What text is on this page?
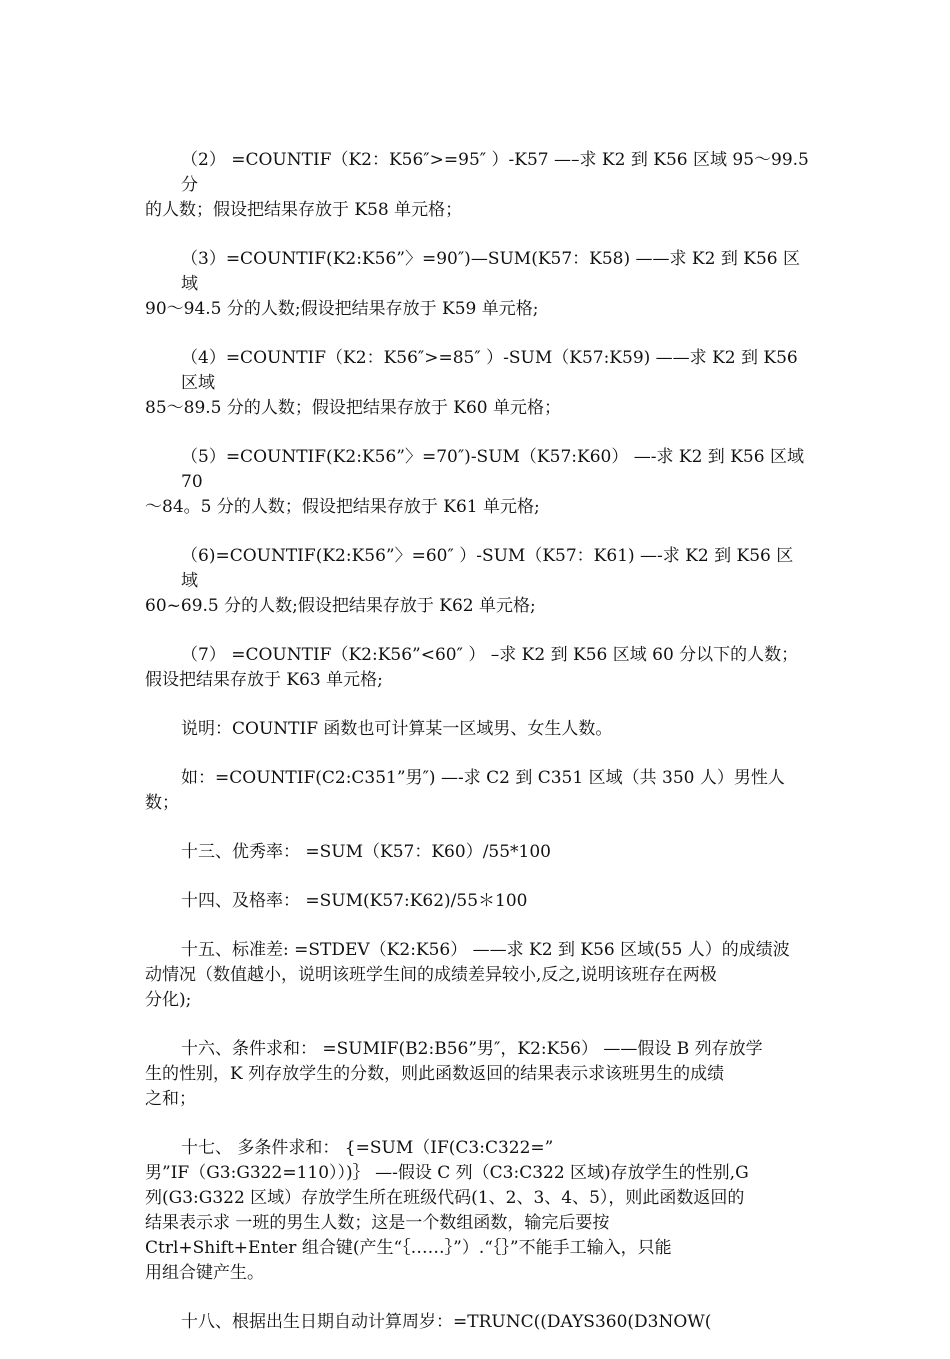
（2） =COUNTIF（K2：K56″>=95″ ）-K57 —–求 K2 到 K56 区域 95～99.5 分
的人数；假设把结果存放于 K58 单元格；
（3）=COUNTIF(K2:K56”〉=90″)—SUM(K57：K58) ——求 K2 到 K56 区域
90～94.5 分的人数;假设把结果存放于 K59 单元格;
（4）=COUNTIF（K2：K56″>=85″ ）-SUM（K57:K59) ——求 K2 到 K56 区域
85～89.5 分的人数；假设把结果存放于 K60 单元格；
（5）=COUNTIF(K2:K56”〉=70″)-SUM（K57:K60） —-求 K2 到 K56 区域 70
～84。5 分的人数；假设把结果存放于 K61 单元格;
（6)=COUNTIF(K2:K56”〉=60″ ）-SUM（K57：K61) —-求 K2 到 K56 区域
60~69.5 分的人数;假设把结果存放于 K62 单元格;
（7） =COUNTIF（K2:K56”<60″ ） –求 K2 到 K56 区域 60 分以下的人数；
假设把结果存放于 K63 单元格;
说明：COUNTIF 函数也可计算某一区域男、女生人数。
如：=COUNTIF(C2:C351”男″) —-求 C2 到 C351 区域（共 350 人）男性人
数；
十三、优秀率： =SUM（K57：K60）/55*100
十四、及格率： =SUM(K57:K62)/55＊100
十五、标准差: =STDEV（K2:K56） ——求 K2 到 K56 区域(55 人）的成绩波
动情况（数值越小，说明该班学生间的成绩差异较小,反之,说明该班存在两极
分化);
十六、条件求和： =SUMIF(B2:B56”男″，K2:K56） ——假设 B 列存放学
生的性别，K 列存放学生的分数，则此函数返回的结果表示求该班男生的成绩
之和；
十七、 多条件求和： {=SUM（IF(C3:C322=”
男”IF（G3:G322=110））)｝ —-假设 C 列（C3:C322 区域)存放学生的性别,G
列(G3:G322 区域）存放学生所在班级代码(1、2、3、4、5），则此函数返回的
结果表示求 一班的男生人数；这是一个数组函数，输完后要按
Ctrl+Shift+Enter 组合键(产生“｛……｝”）.“｛｝”不能手工输入，只能
用组合键产生。
十八、根据出生日期自动计算周岁：=TRUNC((DAYS360(D3NOW(
